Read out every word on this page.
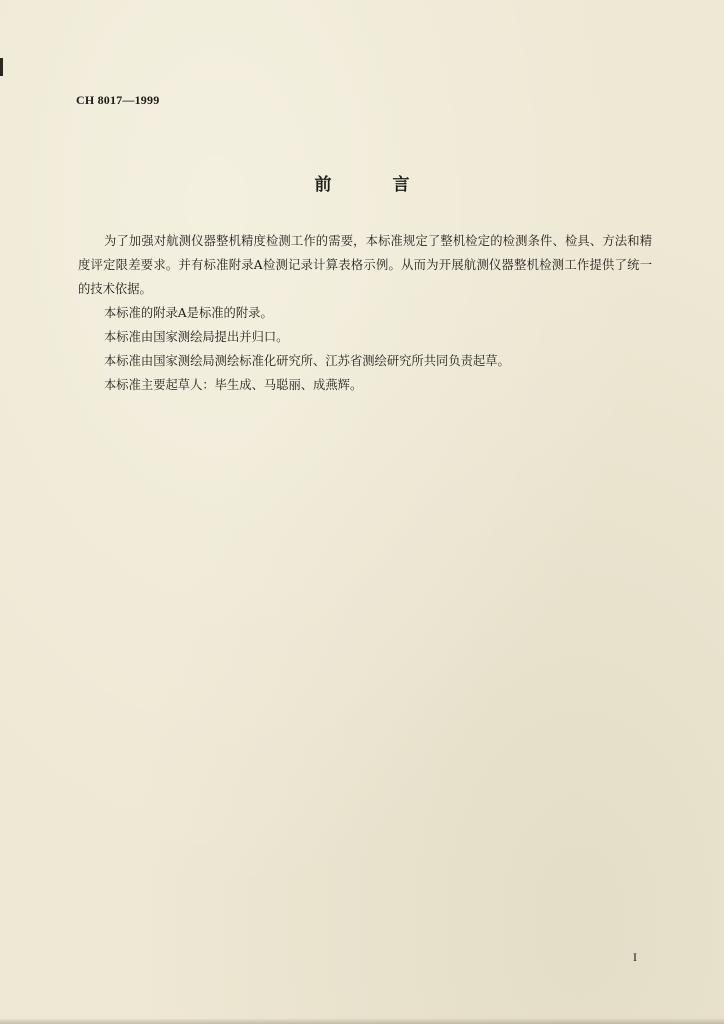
CH 8017—1999
前　言

为了加强对航测仪器整机精度检测工作的需要，本标准规定了整机检定的检测条件、检具、方法和精度评定限差要求。并有标准附录A检测记录计算表格示例。从而为开展航测仪器整机检测工作提供了统一的技术依据。

本标准的附录A是标准的附录。

本标准由国家测绘局提出并归口。

本标准由国家测绘局测绘标准化研究所、江苏省测绘研究所共同负责起草。

本标准主要起草人：毕生成、马聪丽、成燕辉。

I
